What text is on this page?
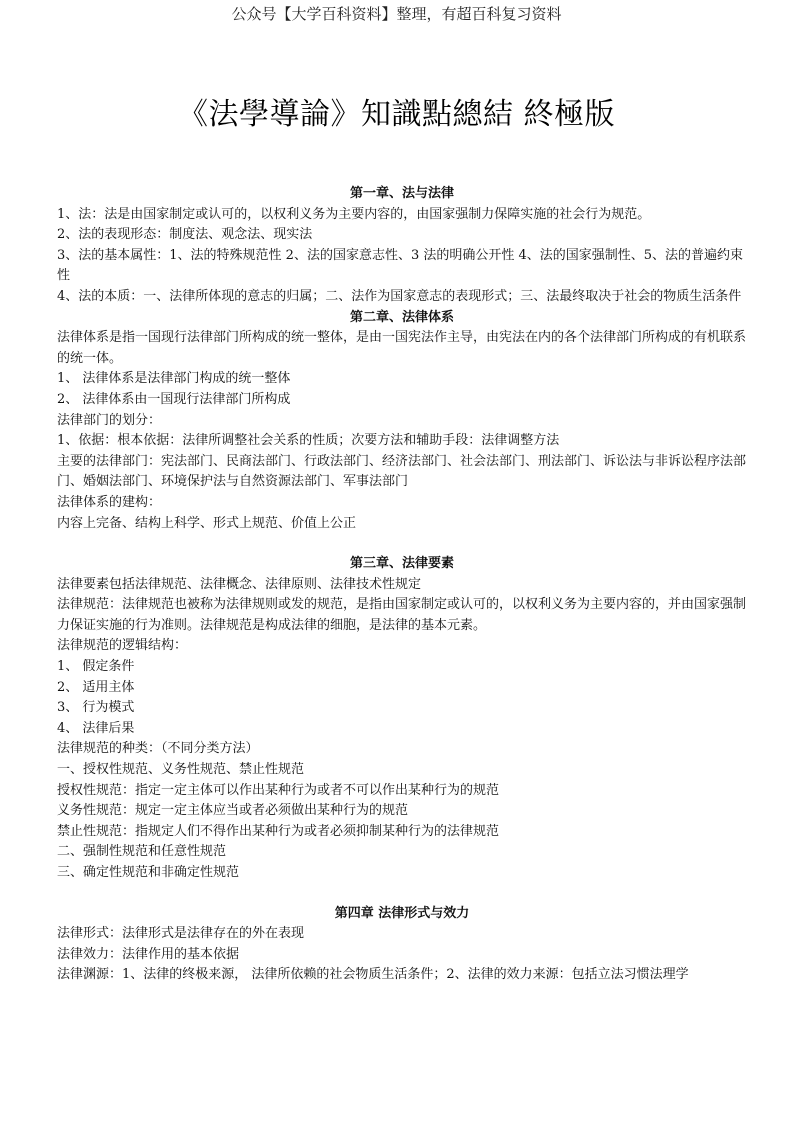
公众号【大学百科资料】整理，有超百科复习资料
《法學導論》知識點總結 終極版

第一章、法与法律

1、法：法是由国家制定或认可的，以权利义务为主要内容的，由国家强制力保障实施的社会行为规范。

2、法的表现形态：制度法、观念法、现实法

3、法的基本属性：1、法的特殊规范性 2、法的国家意志性、3 法的明确公开性 4、法的国家强制性、5、法的普遍约束性

4、法的本质：一、法律所体现的意志的归属；二、法作为国家意志的表现形式；三、法最终取决于社会的物质生活条件

第二章、法律体系

法律体系是指一国现行法律部门所构成的统一整体，是由一国宪法作主导，由宪法在内的各个法律部门所构成的有机联系的统一体。

1、 法律体系是法律部门构成的统一整体

2、 法律体系由一国现行法律部门所构成

法律部门的划分：

1、依据：根本依据：法律所调整社会关系的性质；次要方法和辅助手段：法律调整方法

主要的法律部门：宪法部门、民商法部门、行政法部门、经济法部门、社会法部门、刑法部门、诉讼法与非诉讼程序法部门、婚姻法部门、环境保护法与自然资源法部门、军事法部门

法律体系的建构：

内容上完备、结构上科学、形式上规范、价值上公正

第三章、法律要素

法律要素包括法律规范、法律概念、法律原则、法律技术性规定

法律规范：法律规范也被称为法律规则或发的规范，是指由国家制定或认可的，以权利义务为主要内容的，并由国家强制力保证实施的行为准则。法律规范是构成法律的细胞，是法律的基本元素。

法律规范的逻辑结构：

1、 假定条件

2、 适用主体

3、 行为模式

4、 法律后果

法律规范的种类：（不同分类方法）

一、授权性规范、义务性规范、禁止性规范

授权性规范：指定一定主体可以作出某种行为或者不可以作出某种行为的规范

义务性规范：规定一定主体应当或者必须做出某种行为的规范

禁止性规范：指规定人们不得作出某种行为或者必须抑制某种行为的法律规范

二、强制性规范和任意性规范

三、确定性规范和非确定性规范

第四章 法律形式与效力

法律形式：法律形式是法律存在的外在表现

法律效力：法律作用的基本依据

法律渊源：1、法律的终极来源， 法律所依赖的社会物质生活条件；2、法律的效力来源：包括立法习惯法理学
